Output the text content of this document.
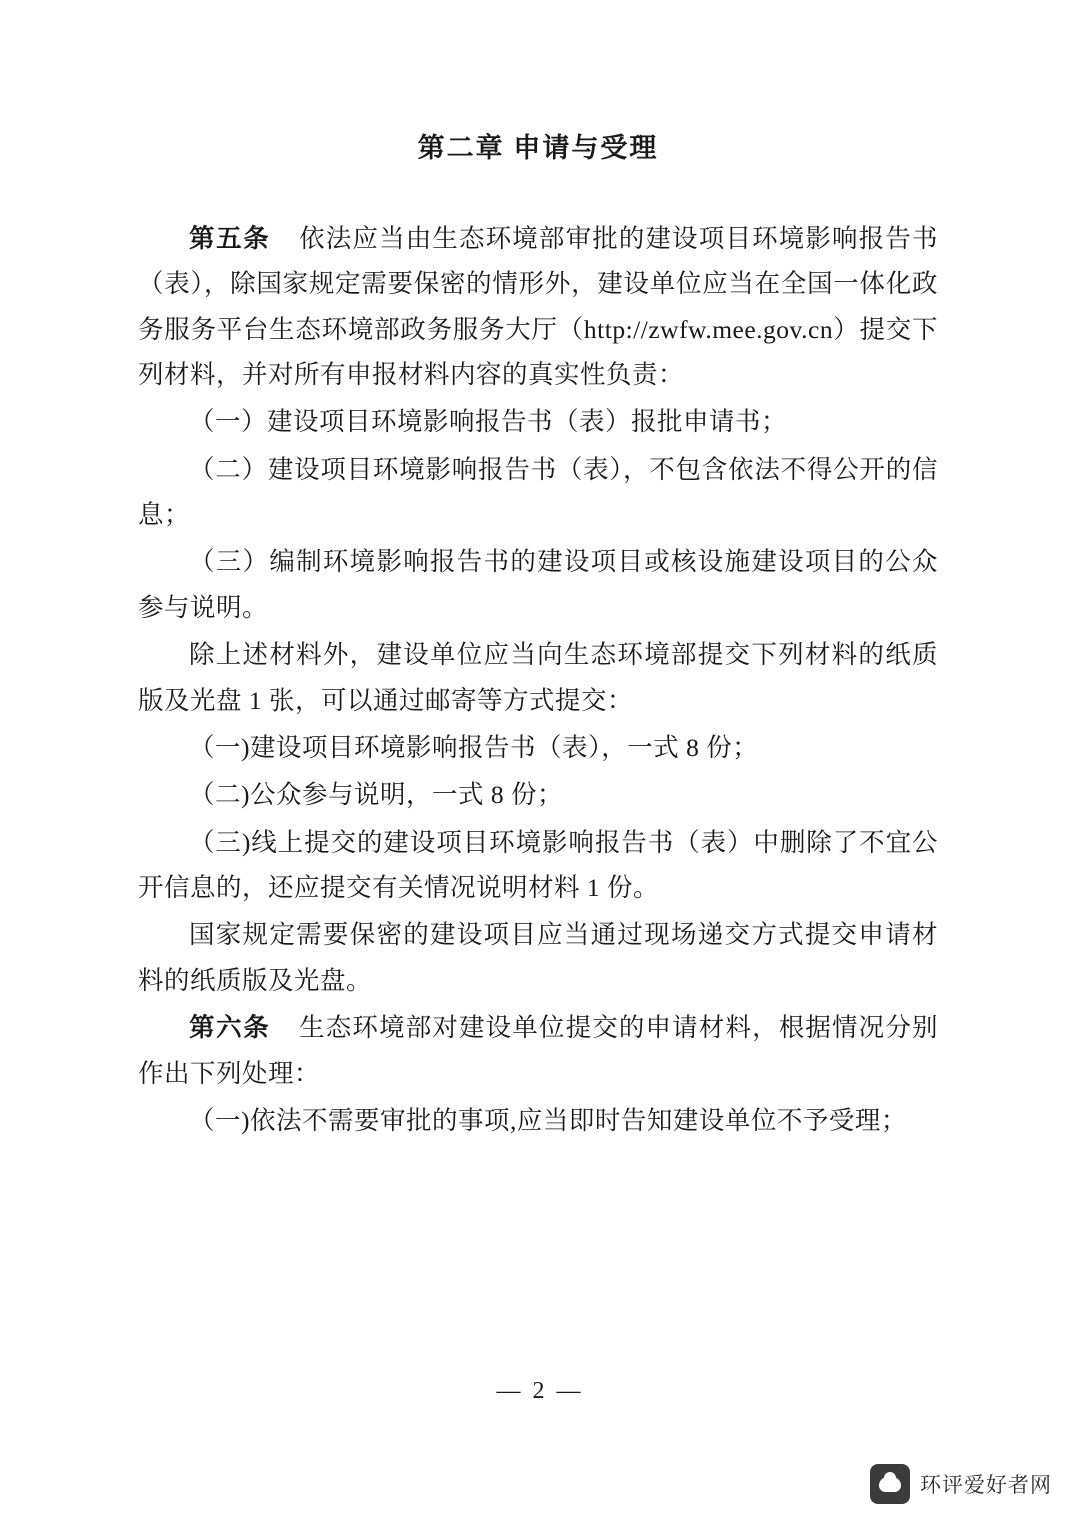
第二章 申请与受理

第五条 依法应当由生态环境部审批的建设项目环境影响报告书（表），除国家规定需要保密的情形外，建设单位应当在全国一体化政务服务平台生态环境部政务服务大厅（http://zwfw.mee.gov.cn）提交下列材料，并对所有申报材料内容的真实性负责：

（一）建设项目环境影响报告书（表）报批申请书；

（二）建设项目环境影响报告书（表），不包含依法不得公开的信息；

（三）编制环境影响报告书的建设项目或核设施建设项目的公众参与说明。

除上述材料外，建设单位应当向生态环境部提交下列材料的纸质版及光盘 1 张，可以通过邮寄等方式提交：

（一)建设项目环境影响报告书（表），一式 8 份；

（二)公众参与说明，一式 8 份；

（三)线上提交的建设项目环境影响报告书（表）中删除了不宜公开信息的，还应提交有关情况说明材料 1 份。

国家规定需要保密的建设项目应当通过现场递交方式提交申请材料的纸质版及光盘。

第六条 生态环境部对建设单位提交的申请材料，根据情况分别作出下列处理：

（一)依法不需要审批的事项,应当即时告知建设单位不予受理；

— 2 —
环评爱好者网
